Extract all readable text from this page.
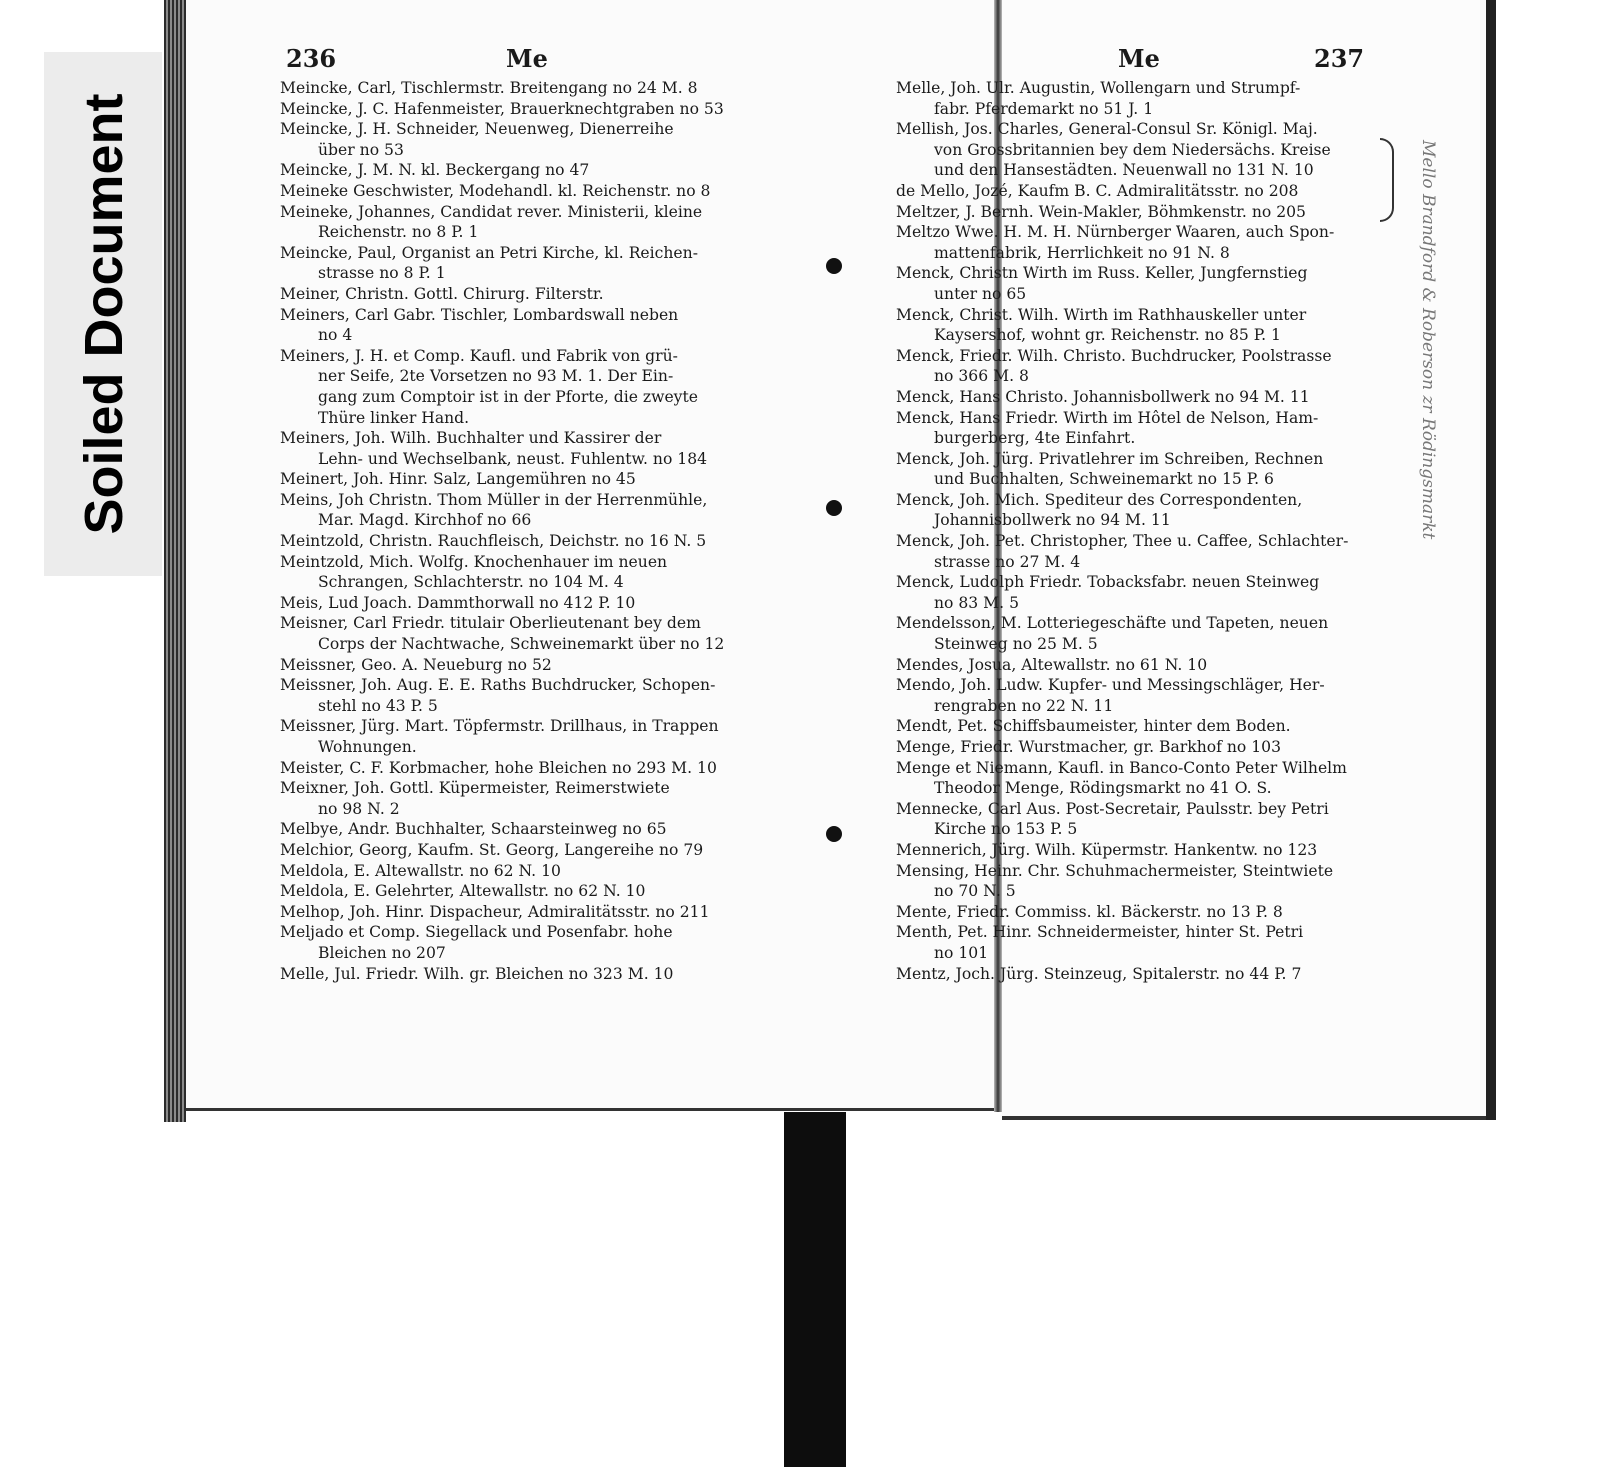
Soiled Document
236	Me
Meincke, Carl, Tischlermstr. Breitengang no 24 M. 8
Meincke, J. C. Hafenmeister, Brauerknechtgraben no 53
Meincke, J. H. Schneider, Neuenweg, Dienerreihe
über no 53
Meincke, J. M. N. kl. Beckergang no 47
Meineke Geschwister, Modehandl. kl. Reichenstr. no 8
Meineke, Johannes, Candidat rever. Ministerii, kleine
Reichenstr. no 8 P. 1
Meincke, Paul, Organist an Petri Kirche, kl. Reichen-
strasse no 8 P. 1
Meiner, Christn. Gottl. Chirurg. Filterstr.
Meiners, Carl Gabr. Tischler, Lombardswall neben
no 4
Meiners, J. H. et Comp. Kaufl. und Fabrik von grü-
ner Seife, 2te Vorsetzen no 93 M. 1. Der Ein-
gang zum Comptoir ist in der Pforte, die zweyte
Thüre linker Hand.
Meiners, Joh. Wilh. Buchhalter und Kassirer der
Lehn- und Wechselbank, neust. Fuhlentw. no 184
Meinert, Joh. Hinr. Salz, Langemühren no 45
Meins, Joh Christn. Thom Müller in der Herrenmühle,
Mar. Magd. Kirchhof no 66
Meintzold, Christn. Rauchfleisch, Deichstr. no 16 N. 5
Meintzold, Mich. Wolfg. Knochenhauer im neuen
Schrangen, Schlachterstr. no 104 M. 4
Meis, Lud Joach. Dammthorwall no 412 P. 10
Meisner, Carl Friedr. titulair Oberlieutenant bey dem
Corps der Nachtwache, Schweinemarkt über no 12
Meissner, Geo. A. Neueburg no 52
Meissner, Joh. Aug. E. E. Raths Buchdrucker, Schopen-
stehl no 43 P. 5
Meissner, Jürg. Mart. Töpfermstr. Drillhaus, in Trappen
Wohnungen.
Meister, C. F. Korbmacher, hohe Bleichen no 293 M. 10
Meixner, Joh. Gottl. Küpermeister, Reimerstwiete
no 98 N. 2
Melbye, Andr. Buchhalter, Schaarsteinweg no 65
Melchior, Georg, Kaufm. St. Georg, Langereihe no 79
Meldola, E. Altewallstr. no 62 N. 10
Meldola, E. Gelehrter, Altewallstr. no 62 N. 10
Melhop, Joh. Hinr. Dispacheur, Admiralitätsstr. no 211
Meljado et Comp. Siegellack und Posenfabr. hohe
Bleichen no 207
Melle, Jul. Friedr. Wilh. gr. Bleichen no 323 M. 10
Me	237
Melle, Joh. Ulr. Augustin, Wollengarn und Strumpf-
fabr. Pferdemarkt no 51 J. 1
Mellish, Jos. Charles, General-Consul Sr. Königl. Maj.
von Grossbritannien bey dem Niedersächs. Kreise
und den Hansestädten. Neuenwall no 131 N. 10
de Mello, Jozé, Kaufm B. C. Admiralitätsstr. no 208
Meltzer, J. Bernh. Wein-Makler, Böhmkenstr. no 205
Meltzo Wwe. H. M. H. Nürnberger Waaren, auch Spon-
mattenfabrik, Herrlichkeit no 91 N. 8
Menck, Christn Wirth im Russ. Keller, Jungfernstieg
unter no 65
Menck, Christ. Wilh. Wirth im Rathhauskeller unter
Kaysershof, wohnt gr. Reichenstr. no 85 P. 1
Menck, Friedr. Wilh. Christo. Buchdrucker, Poolstrasse
no 366 M. 8
Menck, Hans Christo. Johannisbollwerk no 94 M. 11
Menck, Hans Friedr. Wirth im Hôtel de Nelson, Ham-
burgerberg, 4te Einfahrt.
Menck, Joh. Jürg. Privatlehrer im Schreiben, Rechnen
und Buchhalten, Schweinemarkt no 15 P. 6
Menck, Joh. Mich. Spediteur des Correspondenten,
Johannisbollwerk no 94 M. 11
Menck, Joh. Pet. Christopher, Thee u. Caffee, Schlachter-
strasse no 27 M. 4
Menck, Ludolph Friedr. Tobacksfabr. neuen Steinweg
no 83 M. 5
Mendelsson, M. Lotteriegeschäfte und Tapeten, neuen
Steinweg no 25 M. 5
Mendes, Josua, Altewallstr. no 61 N. 10
Mendo, Joh. Ludw. Kupfer- und Messingschläger, Her-
rengraben no 22 N. 11
Mendt, Pet. Schiffsbaumeister, hinter dem Boden.
Menge, Friedr. Wurstmacher, gr. Barkhof no 103
Menge et Niemann, Kaufl. in Banco-Conto Peter Wilhelm
Theodor Menge, Rödingsmarkt no 41 O. S.
Mennecke, Carl Aus. Post-Secretair, Paulsstr. bey Petri
Kirche no 153 P. 5
Mennerich, Jürg. Wilh. Küpermstr. Hankentw. no 123
Mensing, Heinr. Chr. Schuhmachermeister, Steintwiete
no 70 N. 5
Mente, Friedr. Commiss. kl. Bäckerstr. no 13 P. 8
Menth, Pet. Hinr. Schneidermeister, hinter St. Petri
no 101
Mentz, Joch. Jürg. Steinzeug, Spitalerstr. no 44 P. 7
Mello Brandford & Roberson zr Rödingsmarkt
